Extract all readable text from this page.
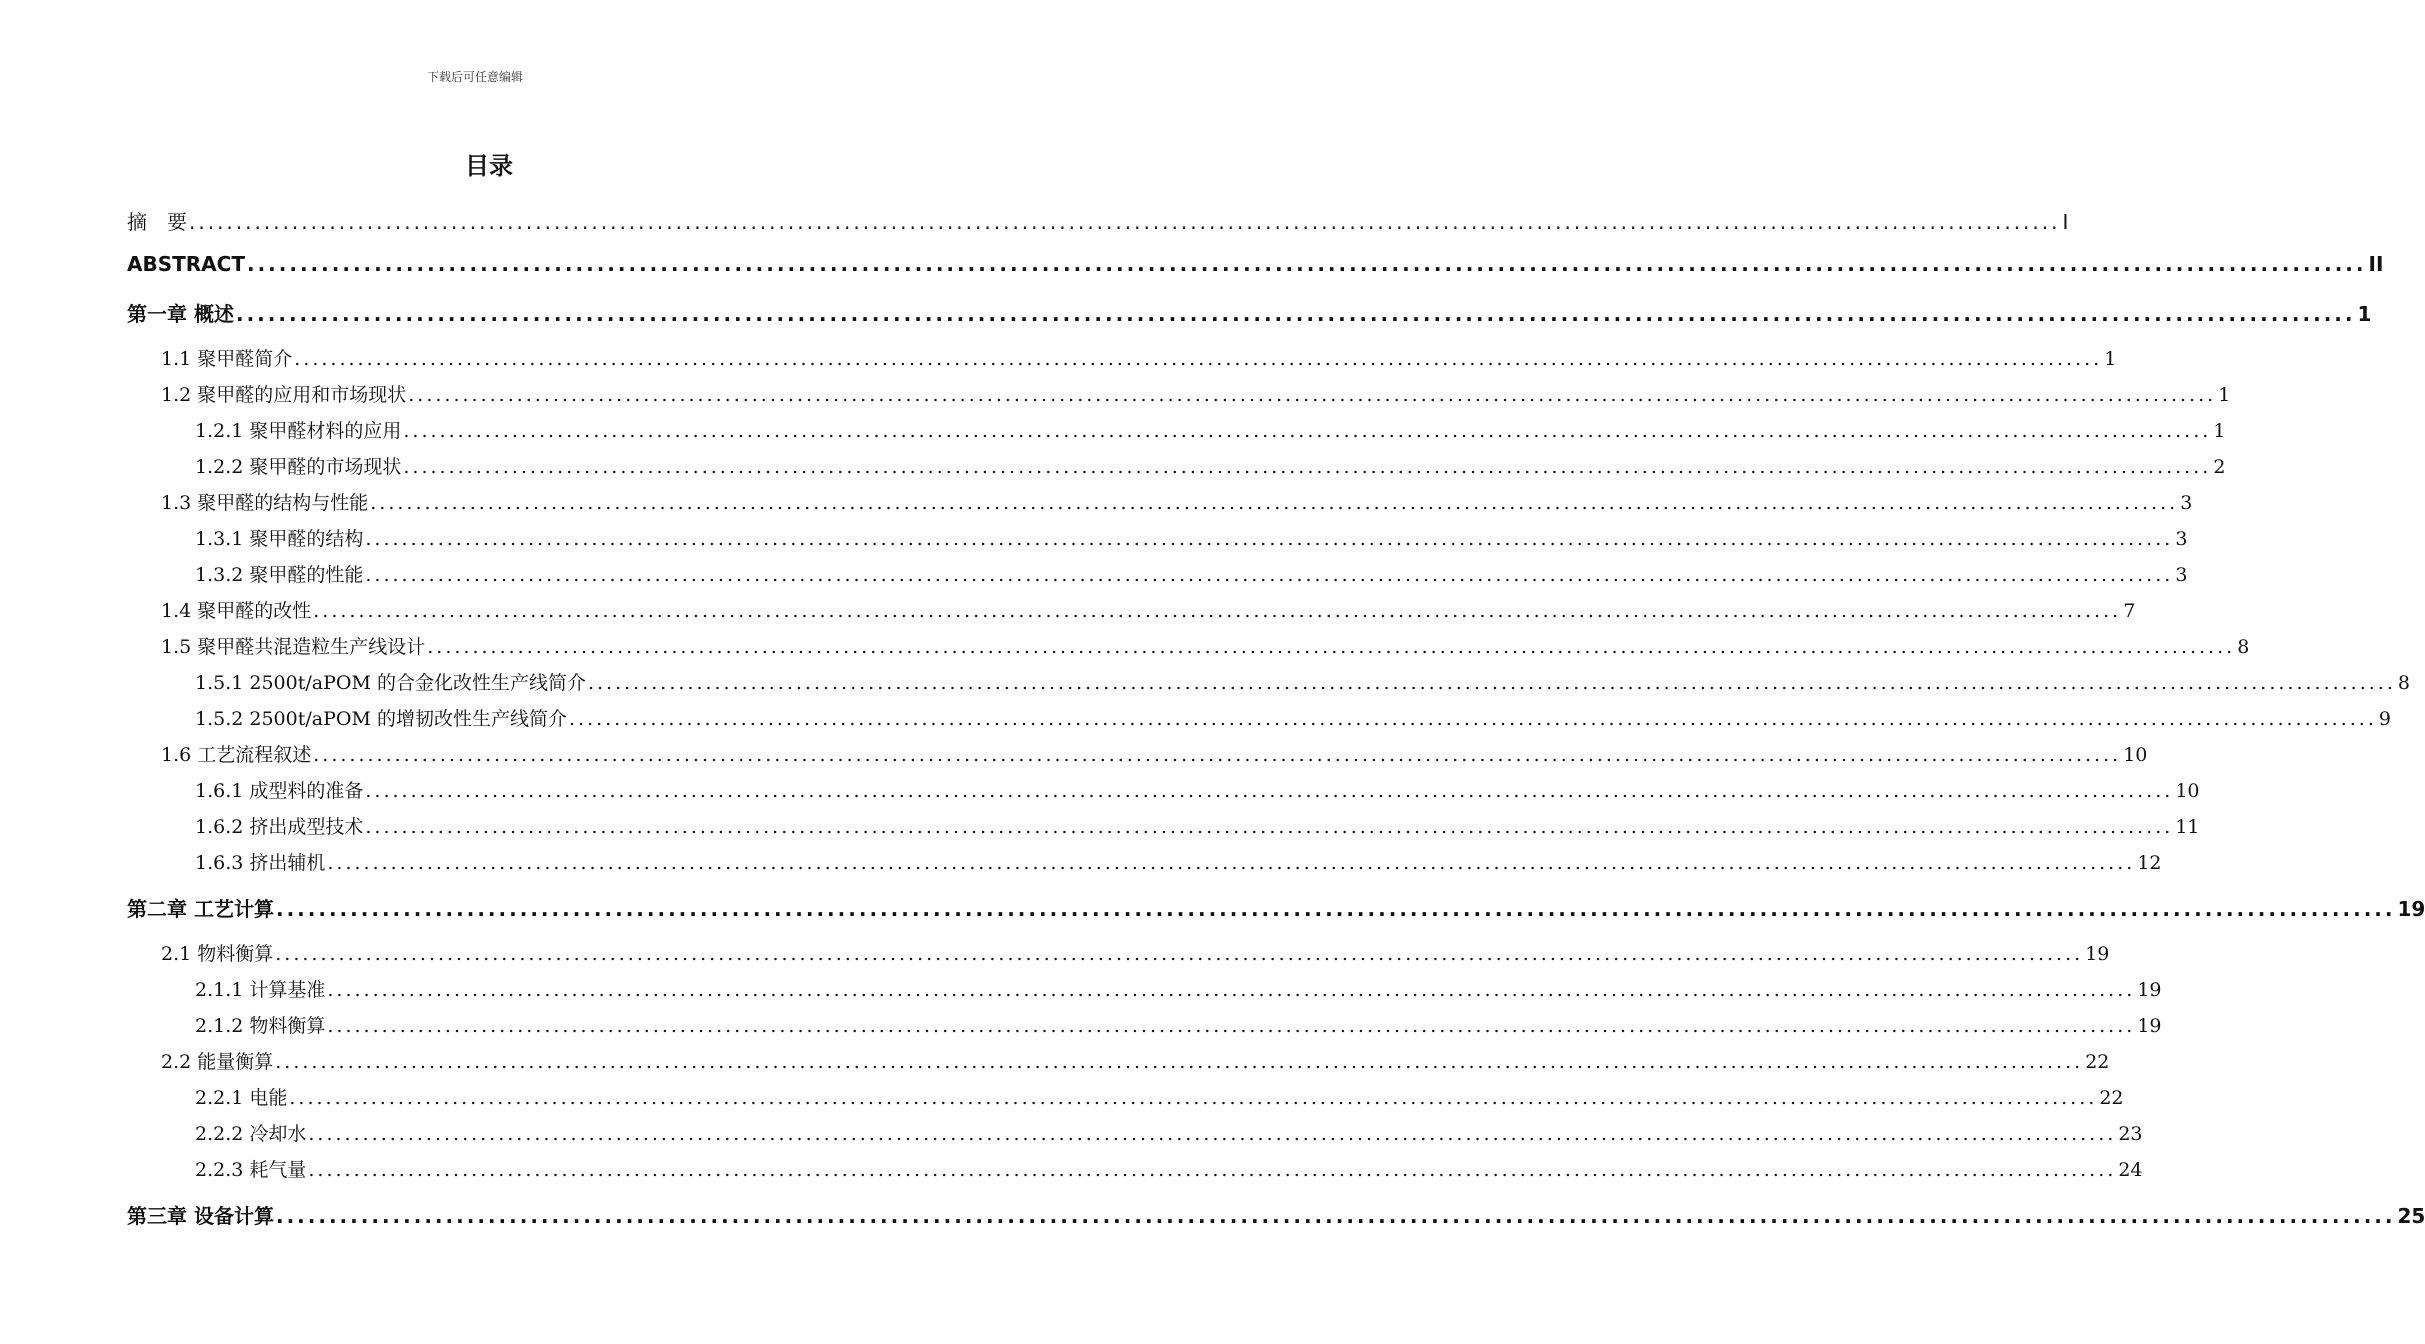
下载后可任意编辑
目录
摘　要 ........................................................................................................................................................................................................ I
ABSTRACT ........................................................................................................................................................................................................ II
第一章 概述 ........................................................................................................................................................................................................ 1
1.1 聚甲醛简介 ........................................................................................................................................................................................................ 1
1.2 聚甲醛的应用和市场现状 ........................................................................................................................................................................................................ 1
1.2.1 聚甲醛材料的应用 ........................................................................................................................................................................................................ 1
1.2.2 聚甲醛的市场现状 ........................................................................................................................................................................................................ 2
1.3 聚甲醛的结构与性能 ........................................................................................................................................................................................................ 3
1.3.1 聚甲醛的结构 ........................................................................................................................................................................................................ 3
1.3.2 聚甲醛的性能 ........................................................................................................................................................................................................ 3
1.4 聚甲醛的改性 ........................................................................................................................................................................................................ 7
1.5 聚甲醛共混造粒生产线设计 ........................................................................................................................................................................................................ 8
1.5.1 2500t/aPOM 的合金化改性生产线简介 ........................................................................................................................................................................................................ 8
1.5.2 2500t/aPOM 的增韧改性生产线简介 ........................................................................................................................................................................................................ 9
1.6 工艺流程叙述 ........................................................................................................................................................................................................ 10
1.6.1 成型料的准备 ........................................................................................................................................................................................................ 10
1.6.2 挤出成型技术 ........................................................................................................................................................................................................ 11
1.6.3 挤出辅机 ........................................................................................................................................................................................................ 12
第二章 工艺计算 ........................................................................................................................................................................................................ 19
2.1 物料衡算 ........................................................................................................................................................................................................ 19
2.1.1 计算基准 ........................................................................................................................................................................................................ 19
2.1.2 物料衡算 ........................................................................................................................................................................................................ 19
2.2 能量衡算 ........................................................................................................................................................................................................ 22
2.2.1 电能 ........................................................................................................................................................................................................ 22
2.2.2 冷却水 ........................................................................................................................................................................................................ 23
2.2.3 耗气量 ........................................................................................................................................................................................................ 24
第三章 设备计算 ........................................................................................................................................................................................................ 25
